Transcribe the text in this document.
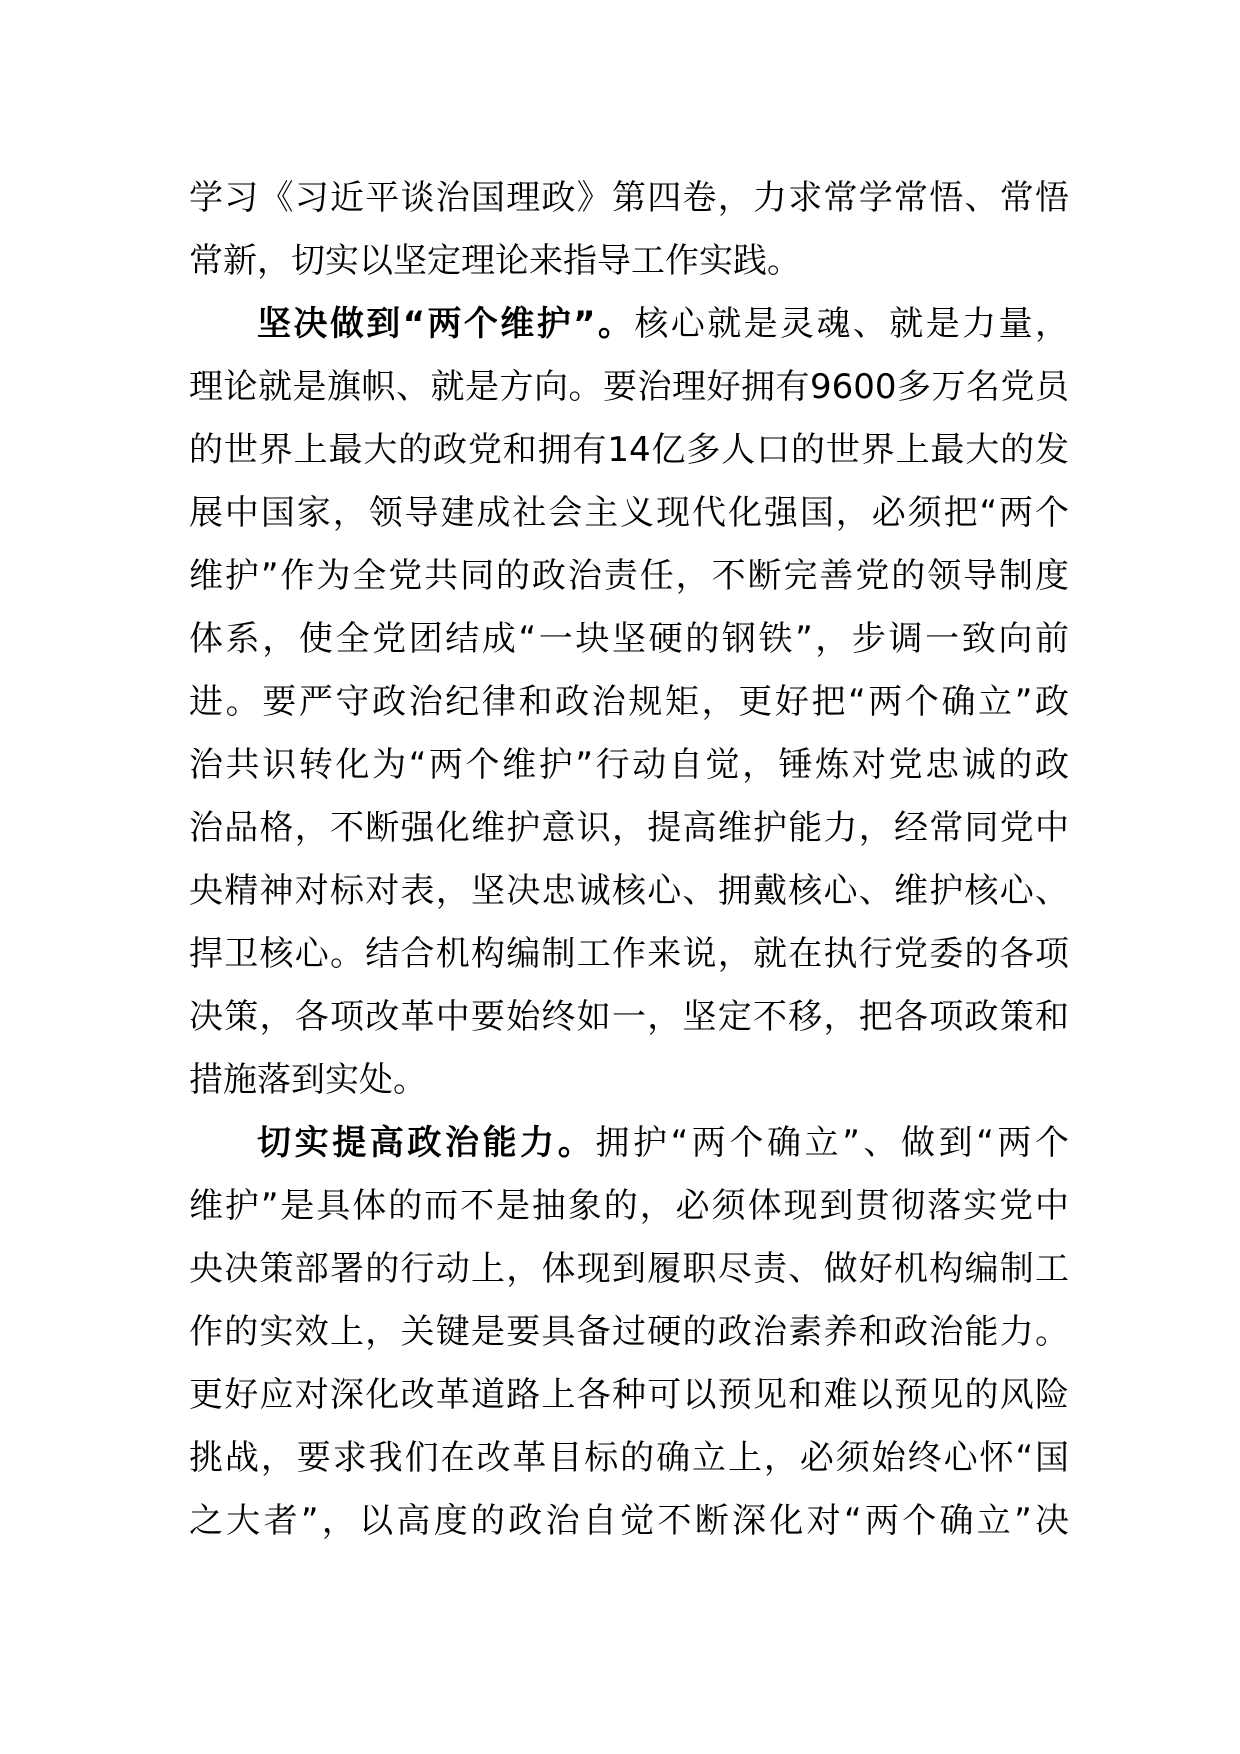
学习《习近平谈治国理政》第四卷，力求常学常悟、常悟
常新，切实以坚定理论来指导工作实践。
坚决做到“两个维护”。核心就是灵魂、就是力量，
理论就是旗帜、就是方向。要治理好拥有9600多万名党员
的世界上最大的政党和拥有14亿多人口的世界上最大的发
展中国家，领导建成社会主义现代化强国，必须把“两个
维护”作为全党共同的政治责任，不断完善党的领导制度
体系，使全党团结成“一块坚硬的钢铁”，步调一致向前
进。要严守政治纪律和政治规矩，更好把“两个确立”政
治共识转化为“两个维护”行动自觉，锤炼对党忠诚的政
治品格，不断强化维护意识，提高维护能力，经常同党中
央精神对标对表，坚决忠诚核心、拥戴核心、维护核心、
捍卫核心。结合机构编制工作来说，就在执行党委的各项
决策，各项改革中要始终如一，坚定不移，把各项政策和
措施落到实处。
切实提高政治能力。拥护“两个确立”、做到“两个
维护”是具体的而不是抽象的，必须体现到贯彻落实党中
央决策部署的行动上，体现到履职尽责、做好机构编制工
作的实效上，关键是要具备过硬的政治素养和政治能力。
更好应对深化改革道路上各种可以预见和难以预见的风险
挑战，要求我们在改革目标的确立上，必须始终心怀“国
之大者”，以高度的政治自觉不断深化对“两个确立”决
